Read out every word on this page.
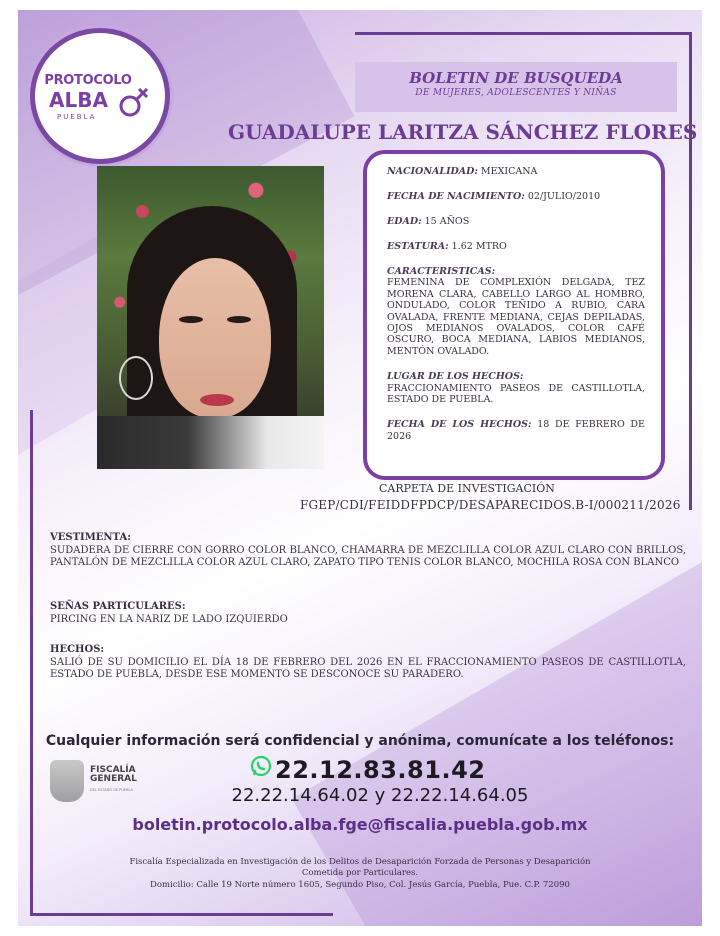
PROTOCOLO
ALBA
PUEBLA
BOLETIN DE BUSQUEDA
DE MUJERES, ADOLESCENTES Y NIÑAS
GUADALUPE LARITZA SÁNCHEZ FLORES
NACIONALIDAD: MEXICANA
FECHA DE NACIMIENTO: 02/JULIO/2010
EDAD: 15 AÑOS
ESTATURA: 1.62 MTRO
CARACTERISTICAS:
FEMENINA DE COMPLEXIÓN DELGADA, TEZ MORENA CLARA, CABELLO LARGO AL HOMBRO, ONDULADO, COLOR TEÑIDO A RUBIO, CARA OVALADA, FRENTE MEDIANA, CEJAS DEPILADAS, OJOS MEDIANOS OVALADOS, COLOR CAFÉ OSCURO, BOCA MEDIANA, LABIOS MEDIANOS, MENTÓN OVALADO.
LUGAR DE LOS HECHOS:
FRACCIONAMIENTO PASEOS DE CASTILLOTLA, ESTADO DE PUEBLA.
FECHA DE LOS HECHOS: 18 DE FEBRERO DE 2026
CARPETA DE INVESTIGACIÓN
FGEP/CDI/FEIDDFPDCP/DESAPARECIDOS.B-I/000211/2026
VESTIMENTA:
SUDADERA DE CIERRE CON GORRO COLOR BLANCO, CHAMARRA DE MEZCLILLA COLOR AZUL CLARO CON BRILLOS, PANTALÓN DE MEZCLILLA COLOR AZUL CLARO, ZAPATO TIPO TENIS COLOR BLANCO, MOCHILA ROSA CON BLANCO
SEÑAS PARTICULARES:
PIRCING EN LA NARIZ DE LADO IZQUIERDO
HECHOS:
SALIÓ DE SU DOMICILIO EL DÍA 18 DE FEBRERO DEL 2026 EN EL FRACCIONAMIENTO PASEOS DE CASTILLOTLA, ESTADO DE PUEBLA, DESDE ESE MOMENTO SE DESCONOCE SU PARADERO.
Cualquier información será confidencial y anónima, comunícate a los teléfonos:
22.12.83.81.42
22.22.14.64.02 y 22.22.14.64.05
FISCALÍA
GENERAL
DEL ESTADO DE PUEBLA
boletin.protocolo.alba.fge@fiscalia.puebla.gob.mx
Fiscalía Especializada en Investigación de los Delitos de Desaparición Forzada de Personas y Desaparición
Cometida por Particulares.
Domicilio: Calle 19 Norte número 1605, Segundo Piso, Col. Jesús García, Puebla, Pue. C.P. 72090
